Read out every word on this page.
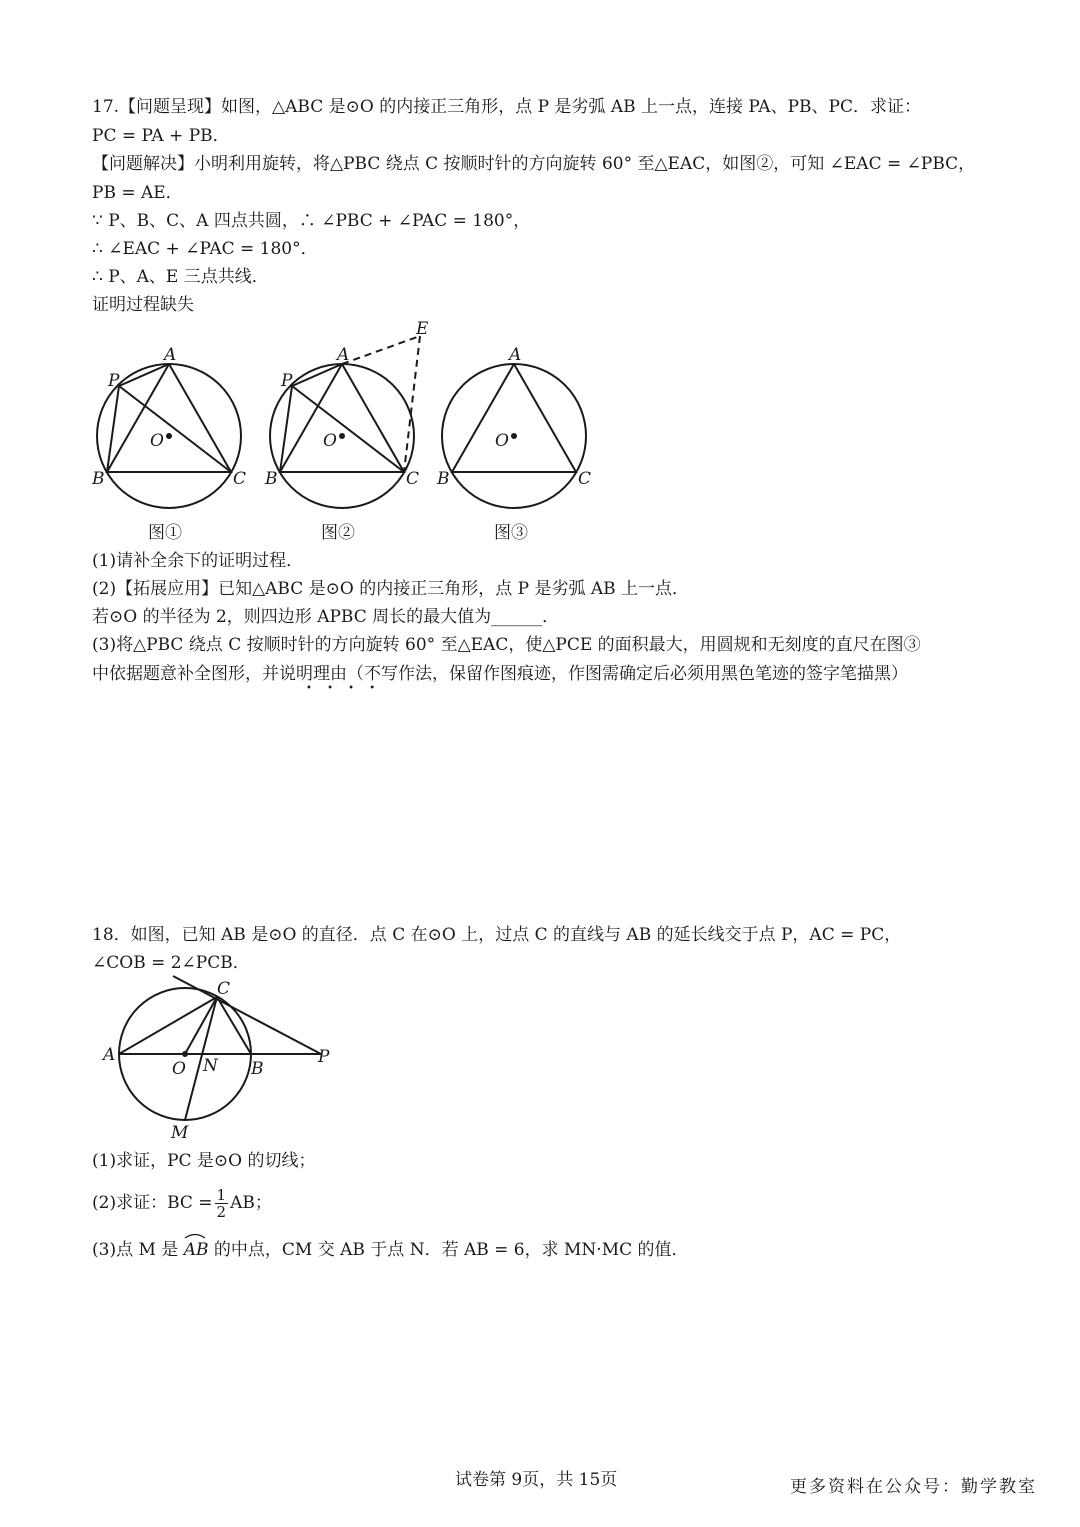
17.【问题呈现】如图，△ABC 是⊙O 的内接正三角形，点 P 是劣弧 AB 上一点，连接 PA、PB、PC．求证：
PC = PA + PB．
【问题解决】小明利用旋转，将△PBC 绕点 C 按顺时针的方向旋转 60° 至△EAC，如图②，可知 ∠EAC = ∠PBC，
PB = AE．
∵ P、B、C、A 四点共圆，∴ ∠PBC + ∠PAC = 180°，
∴ ∠EAC + ∠PAC = 180°．
∴ P、A、E 三点共线．
证明过程缺失
A
P
O
B	C
图①
A
P
O
B	C
E
图②
A
O
B	C
图③
(1)请补全余下的证明过程．
(2)【拓展应用】已知△ABC 是⊙O 的内接正三角形，点 P 是劣弧 AB 上一点．
若⊙O 的半径为 2，则四边形 APBC 周长的最大值为______．
(3)将△PBC 绕点 C 按顺时针的方向旋转 60° 至△EAC，使△PCE 的面积最大，用圆规和无刻度的直尺在图③
中依据题意补全图形，并说明理由（不写作法，保留作图痕迹，作图需确定后必须用黑色笔迹的签字笔描黑）
• • • •
18．如图，已知 AB 是⊙O 的直径．点 C 在⊙O 上，过点 C 的直线与 AB 的延长线交于点 P，AC = PC，
∠COB = 2∠PCB．
A
C
O N B
P
M
(1)求证，PC 是⊙O 的切线；
(2)求证：BC = $\frac{1}{2}$ AB；
(3)点 M 是 AB 的中点，CM 交 AB 于点 N．若 AB = 6，求 MN·MC 的值．
试卷第 9页，共 15页	更多资料在公众号：勤学教室
